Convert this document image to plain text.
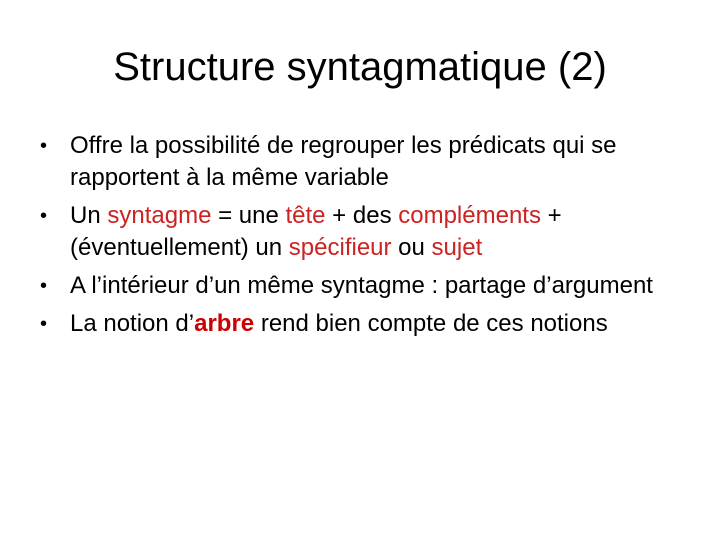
Structure syntagmatique (2)
• Offre la possibilité de regrouper les prédicats qui se rapportent à la même variable
• Un syntagme = une tête + des compléments + (éventuellement) un spécifieur ou sujet
• A l’intérieur d’un même syntagme : partage d’argument
• La notion d’arbre rend bien compte de ces notions
